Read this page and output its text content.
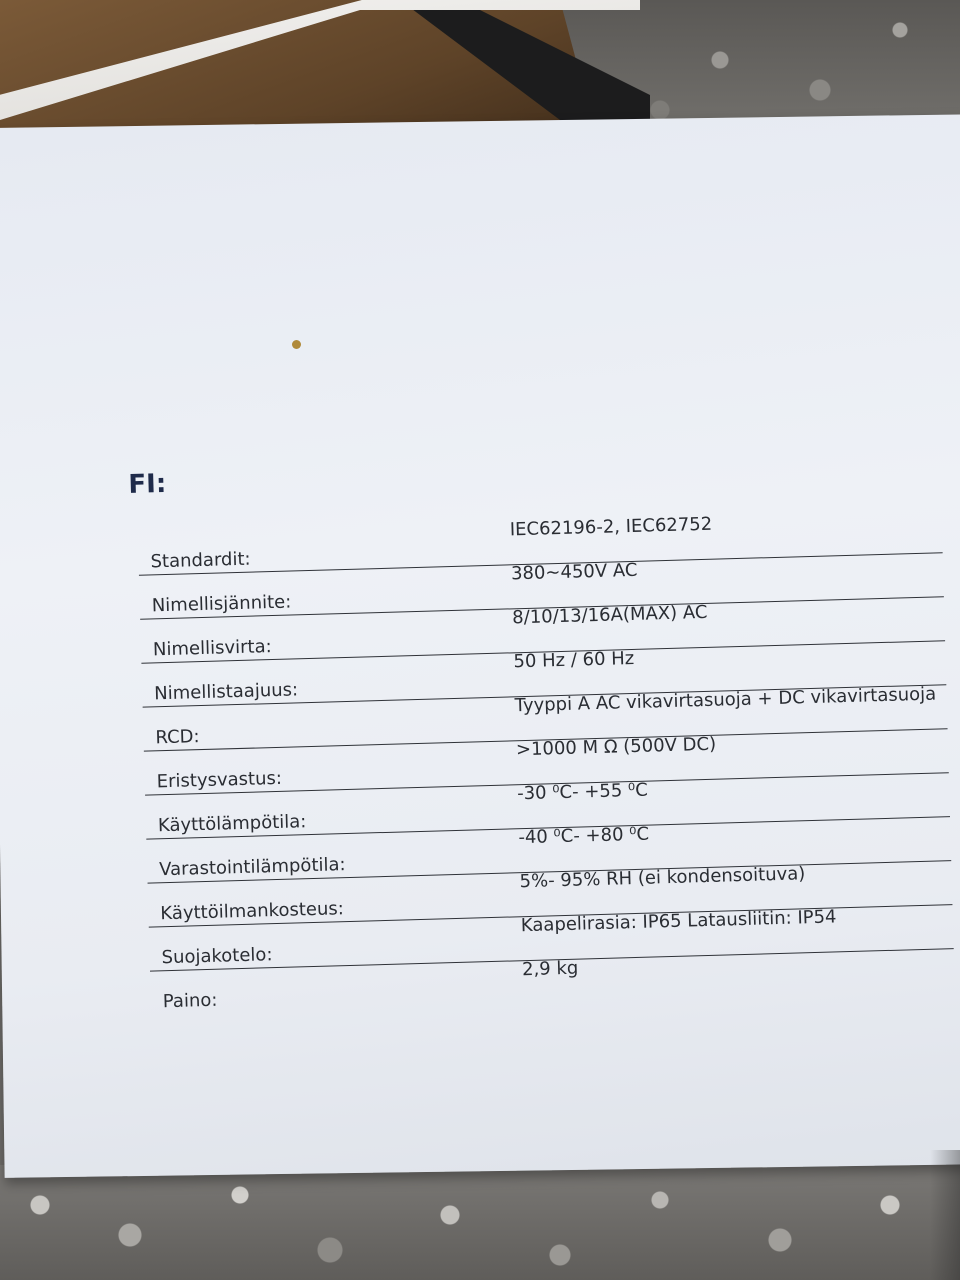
FI:
Standardit:
IEC62196-2, IEC62752
Nimellisjännite:
380~450V AC
Nimellisvirta:
8/10/13/16A(MAX) AC
Nimellistaajuus:
50 Hz / 60 Hz
RCD:
Tyyppi A AC vikavirtasuoja + DC vikavirtasuoja
Eristysvastus:
>1000 M Ω (500V DC)
Käyttölämpötila:
-30 ⁰C- +55 ⁰C
Varastointilämpötila:
-40 ⁰C- +80 ⁰C
Käyttöilmankosteus:
5%- 95% RH (ei kondensoituva)
Suojakotelo:
Kaapelirasia: IP65 Latausliitin: IP54
Paino:
2,9 kg
